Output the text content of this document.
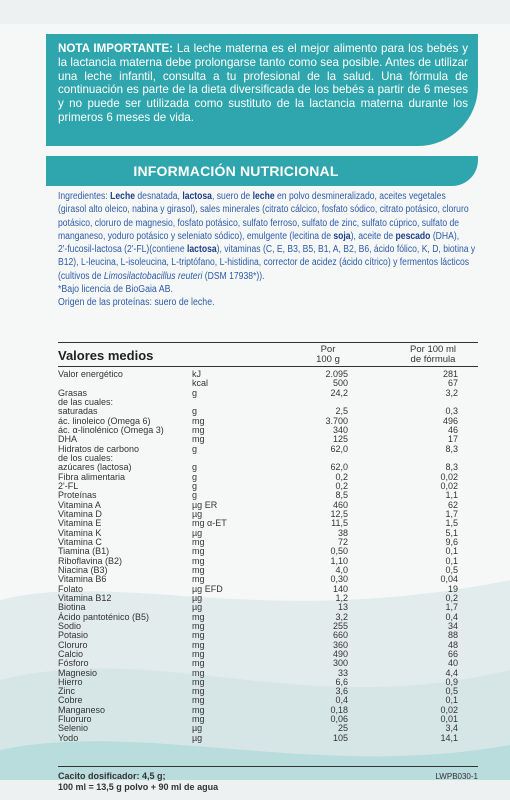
NOTA IMPORTANTE: La leche materna es el mejor alimento para los bebés y la lactancia materna debe prolongarse tanto como sea posible. Antes de utilizar una leche infantil, consulta a tu profesional de la salud. Una fórmula de continuación es parte de la dieta diversificada de los bebés a partir de 6 meses y no puede ser utilizada como sustituto de la lactancia materna durante los primeros 6 meses de vida.

INFORMACIÓN NUTRICIONAL
Ingredientes: Leche desnatada, lactosa, suero de leche en polvo desmineralizado, aceites vegetales
(girasol alto oleico, nabina y girasol), sales minerales (citrato cálcico, fosfato sódico, citrato potásico, cloruro
potásico, cloruro de magnesio, fosfato potásico, sulfato ferroso, sulfato de zinc, sulfato cúprico, sulfato de
manganeso, yoduro potásico y seleniato sódico), emulgente (lecitina de soja), aceite de pescado (DHA),
2'-fucosil-lactosa (2'-FL)(contiene lactosa), vitaminas (C, E, B3, B5, B1, A, B2, B6, ácido fólico, K, D, biotina y
B12), L-leucina, L-isoleucina, L-triptófano, L-histidina, corrector de acidez (ácido cítrico) y fermentos lácticos
(cultivos de Limosilactobacillus reuteri (DSM 17938*)).
*Bajo licencia de BioGaia AB.
Origen de las proteínas: suero de leche.
Valores medios	Por
100 g
Por 100 ml
de fórmula
Valor energético	kJ	2.095	281
kcal	500	67
Grasas	g	24,2	3,2
de las cuales:
saturadas	g	2,5	0,3
ác. linoleico (Omega 6)	mg	3.700	496
ác. α-linolénico (Omega 3)	mg	340	46
DHA	mg	125	17
Hidratos de carbono	g	62,0	8,3
de los cuales:
azúcares (lactosa)	g	62,0	8,3
Fibra alimentaria	g	0,2	0,02
2'-FL	g	0,2	0,02
Proteínas	g	8,5	1,1
Vitamina A	µg ER	460	62
Vitamina D	µg	12,5	1,7
Vitamina E	mg α-ET	11,5	1,5
Vitamina K	µg	38	5,1
Vitamina C	mg	72	9,6
Tiamina (B1)	mg	0,50	0,1
Riboflavina (B2)	mg	1,10	0,1
Niacina (B3)	mg	4,0	0,5
Vitamina B6	mg	0,30	0,04
Folato	µg EFD	140	19
Vitamina B12	µg	1,2	0,2
Biotina	µg	13	1,7
Ácido pantoténico (B5)	mg	3,2	0,4
Sodio	mg	255	34
Potasio	mg	660	88
Cloruro	mg	360	48
Calcio	mg	490	66
Fósforo	mg	300	40
Magnesio	mg	33	4,4
Hierro	mg	6,6	0,9
Zinc	mg	3,6	0,5
Cobre	mg	0,4	0,1
Manganeso	mg	0,18	0,02
Fluoruro	mg	0,06	0,01
Selenio	µg	25	3,4
Yodo	µg	105	14,1
Cacito dosificador: 4,5 g;
100 ml = 13,5 g polvo + 90 ml de agua
LWPB030-1
